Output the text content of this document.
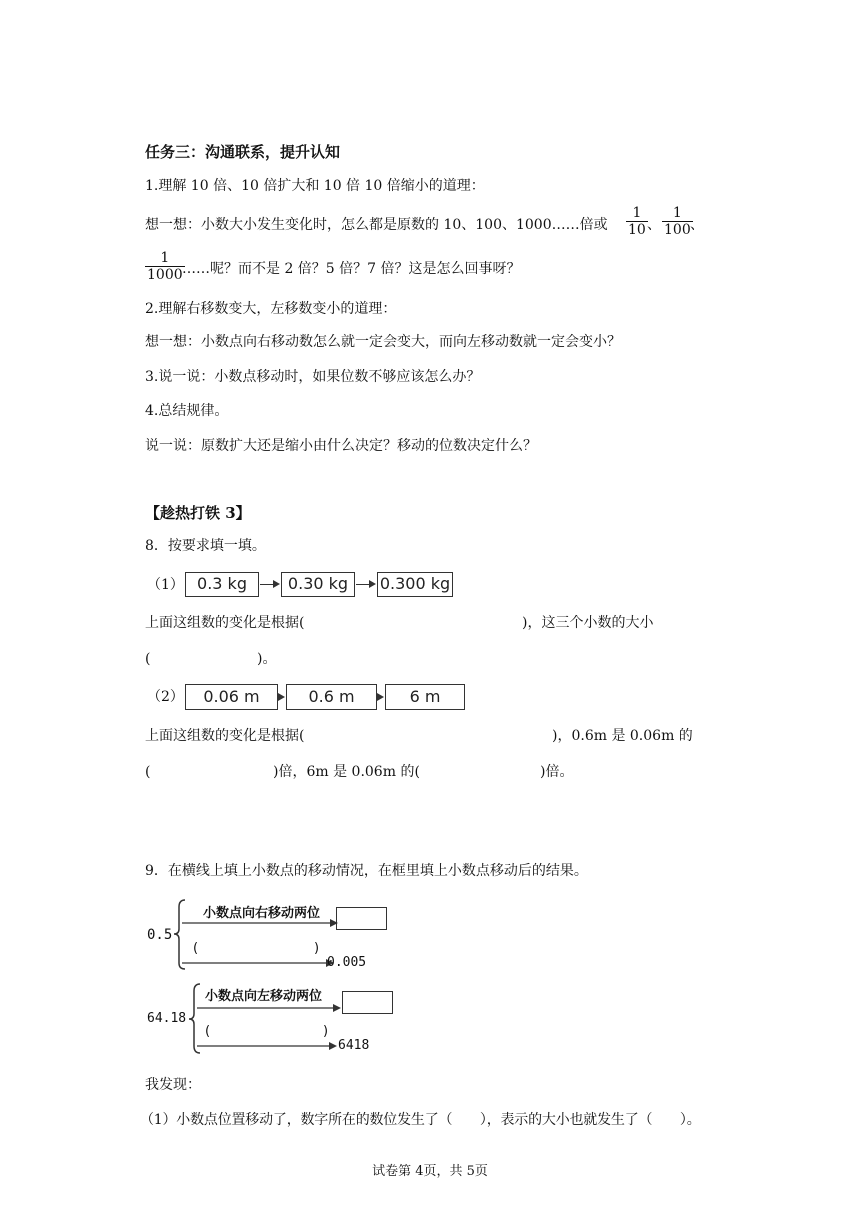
任务三：沟通联系，提升认知
1.理解 10 倍、10 倍扩大和 10 倍 10 倍缩小的道理：
想一想：小数大小发生变化时，怎么都是原数的 10、100、1000……倍或
1
10 、
1
100 、
1
1000 ……呢？而不是 2 倍？5 倍？7 倍？这是怎么回事呀？
2.理解右移数变大，左移数变小的道理：
想一想：小数点向右移动数怎么就一定会变大，而向左移动数就一定会变小？
3.说一说：小数点移动时，如果位数不够应该怎么办？
4.总结规律。
说一说：原数扩大还是缩小由什么决定？移动的位数决定什么？
【趁热打铁 3】
8．按要求填一填。
（1） 0.3 kg	0.30 kg	0.300 kg
上面这组数的变化是根据(	)，这三个小数的大小
(	)。
（2）	0.06 m	0.6 m	6 m
上面这组数的变化是根据(	)，0.6m 是 0.06m 的
(	)倍，6m 是 0.06m 的(	)倍。
9．在横线上填上小数点的移动情况，在框里填上小数点移动后的结果。
0.5
小数点向右移动两位
(	)
0.005
64.18
小数点向左移动两位
(	)
6418
我发现：
（1）小数点位置移动了，数字所在的数位发生了（　　），表示的大小也就发生了（　　）。
试卷第 4页，共 5页
